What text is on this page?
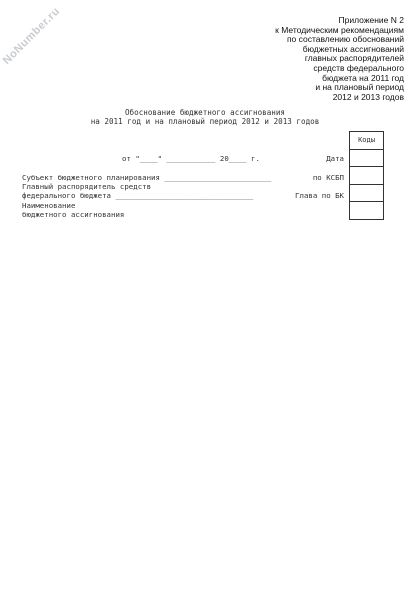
NoNumber.ru	Приложение N 2
к Методическим рекомендациям
по составлению обоснований
бюджетных ассигнований
главных распорядителей
средств федерального
бюджета на 2011 год
и на плановый период
2012 и 2013 годов
Обоснование бюджетного ассигнования
на 2011 год и на плановый период 2012 и 2013 годов
Коды

от "____" ___________ 20____ г.	Дата
Субъект бюджетного планирования ________________________	по КСБП
Главный распорядитель средств
федерального бюджета _______________________________	Глава по БК
Наименование
бюджетного ассигнования
